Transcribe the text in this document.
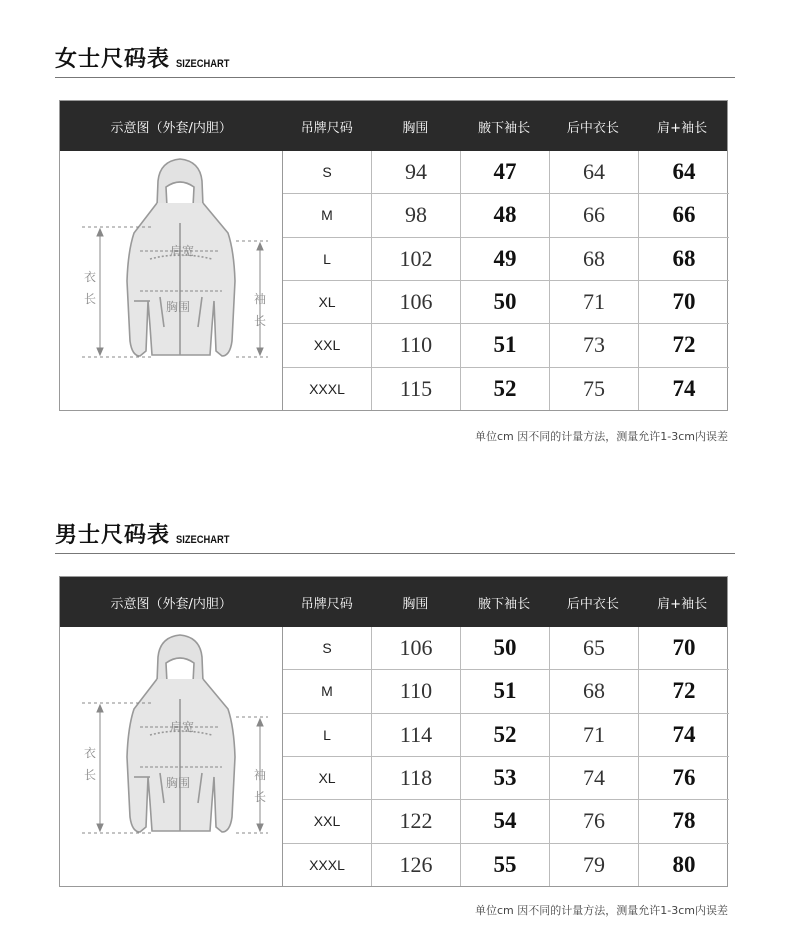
女士尺码表 SIZECHART
示意图（外套/内胆）	吊牌尺码	胸围	腋下袖长	后中衣长	肩+袖长
肩宽
胸围
衣
长	袖
长
S	94	47	64	64
M	98	48	66	66
L	102	49	68	68
XL	106	50	71	70
XXL	110	51	73	72
XXXL	115	52	75	74
单位cm 因不同的计量方法，测量允许1-3cm内误差
男士尺码表 SIZECHART
示意图（外套/内胆）	吊牌尺码	胸围	腋下袖长	后中衣长	肩+袖长
肩宽
胸围
衣
长	袖
长
S	106	50	65	70
M	110	51	68	72
L	114	52	71	74
XL	118	53	74	76
XXL	122	54	76	78
XXXL	126	55	79	80
单位cm 因不同的计量方法，测量允许1-3cm内误差
